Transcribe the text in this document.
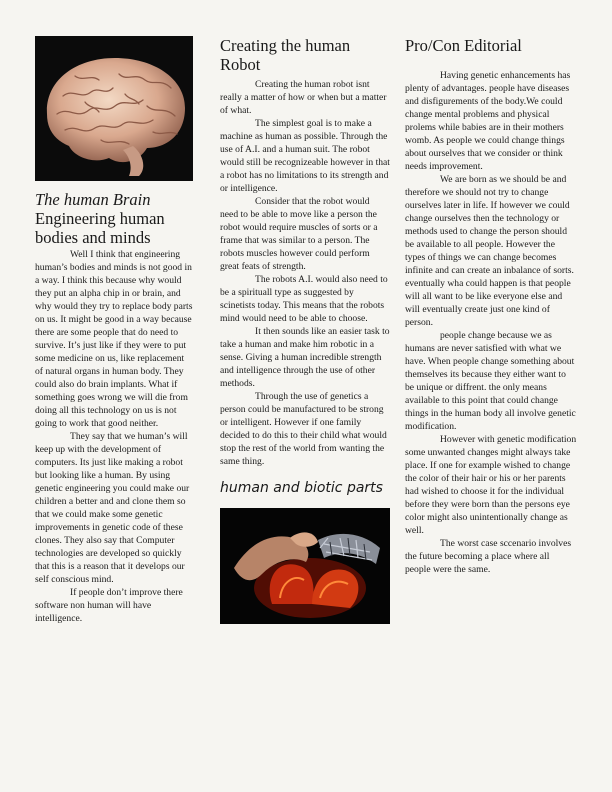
The human Brain
Engineering human bodies and minds

Well I think that engineering human’s bodies and minds is not good in a way. I think this because why would they put an alpha chip in or brain, and why would they try to replace body parts on us. It might be good in a way because there are some people that do need to survive. It’s just like if they were to put some medicine on us, like replacement of natural organs in human body. They could also do brain implants. What if something goes wrong we will die from doing all this technology on us is not going to work that good neither.

They say that we human’s will keep up with the development of computers. Its just like making a robot but looking like a human. By using genetic engineering you could make our children a better and and clone them so that we could make some genetic improvements in genetic code of these clones. They also say that Computer technologies are developed so quickly that this is a reason that it develops our self conscious mind.

If people don’t improve there software non human will have intelligence.

Creating the human Robot

Creating the human robot isnt really a matter of how or when but a matter of what.

The simplest goal is to make a machine as human as possible. Through the use of A.I. and a human suit. The robot would still be recognizeable however in that a robot has no limitations to its strength and or intelligence.

Consider that the robot would need to be able to move like a person the robot would require muscles of sorts or a frame that was similar to a person. The robots muscles however could perform great feats of strength.

The robots A.I. would also need to be a spirituall type as suggested by scinetists today. This means that the robots mind would need to be able to choose.

It then sounds like an easier task to take a human and make him robotic in a sense. Giving a human incredible strength and intelligence through the use of other methods.

Through the use of genetics a person could be manufactured to be strong or intelligent. However if one family decided to do this to their child what would stop the rest of the world from wanting the same thing.

human and biotic parts
Pro/Con Editorial

Having genetic enhancements has plenty of advantages. people have diseases and disfigurements of the body.We could change mental problems and physical prolems while babies are in their mothers womb. As people we could change things about ourselves that we consider or think needs improvement.

We are born as we should be and therefore we should not try to change ourselves later in life. If however we could change ourselves then the technology or methods used to change the person should be available to all people. However the types of things we can change becomes infinite and can create an inbalance of sorts. eventually wha could happen is that people will all want to be like everyone else and will eventually create just one kind of person.

people change because we as humans are never satisfied with what we have. When people change something about themselves its because they either want to be unique or diffrent. the only means available to this point that could change things in the human body all involve genetic modification.

However with genetic modification some unwanted changes might always take place. If one for example wished to change the color of their hair or his or her parents had wished to choose it for the individual before they were born than the persons eye color might also unintentionally change as well.

The worst case sccenario involves the future becoming a place where all people were the same.
